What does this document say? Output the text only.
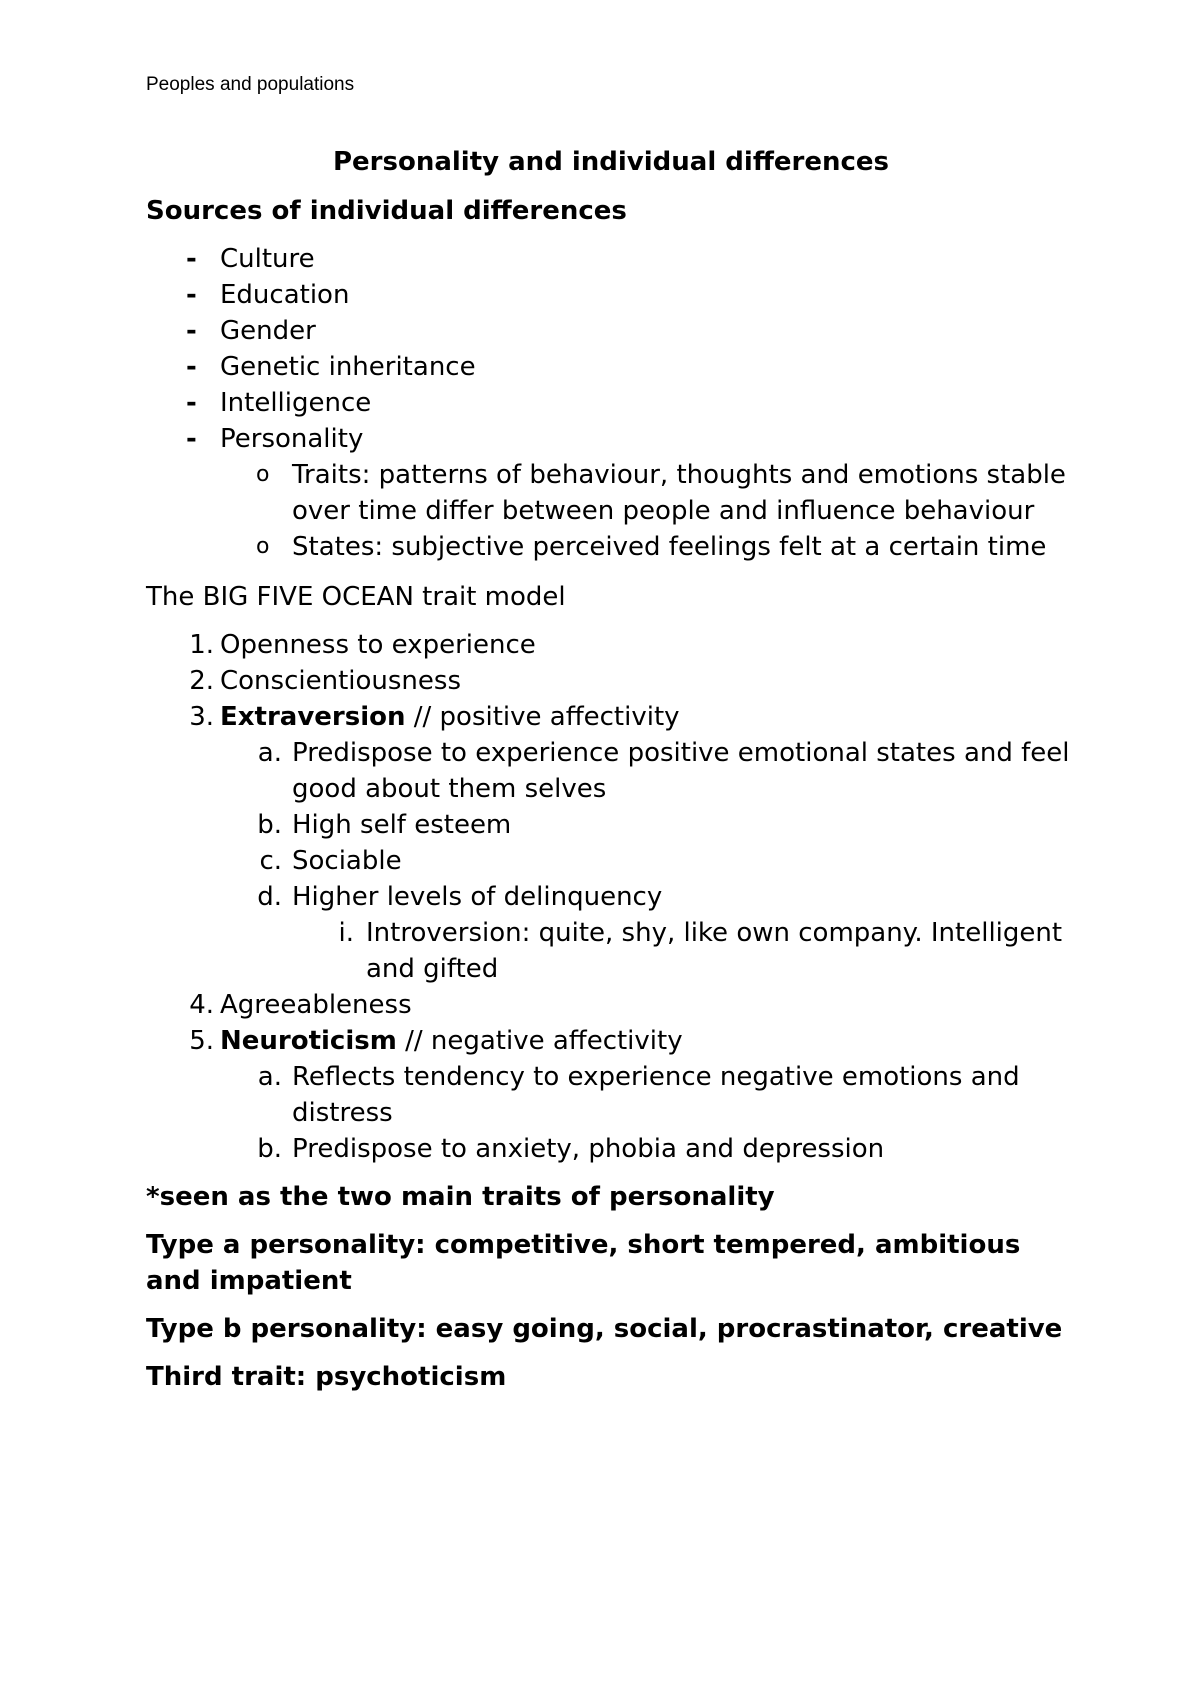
Peoples and populations
Personality and individual differences
Sources of individual differences
- Culture
- Education
- Gender
- Genetic inheritance
- Intelligence
- Personality
o Traits: patterns of behaviour, thoughts and emotions stable over time differ between people and influence behaviour
o States: subjective perceived feelings felt at a certain time

The BIG FIVE OCEAN trait model

1. Openness to experience
2. Conscientiousness
3. Extraversion // positive affectivity
a. Predispose to experience positive emotional states and feel good about them selves
b. High self esteem
c. Sociable
d. Higher levels of delinquency
i. Introversion: quite, shy, like own company. Intelligent and gifted
4. Agreeableness
5. Neuroticism // negative affectivity
a. Reflects tendency to experience negative emotions and distress
b. Predispose to anxiety, phobia and depression

*seen as the two main traits of personality

Type a personality: competitive, short tempered, ambitious and impatient

Type b personality: easy going, social, procrastinator, creative

Third trait: psychoticism
